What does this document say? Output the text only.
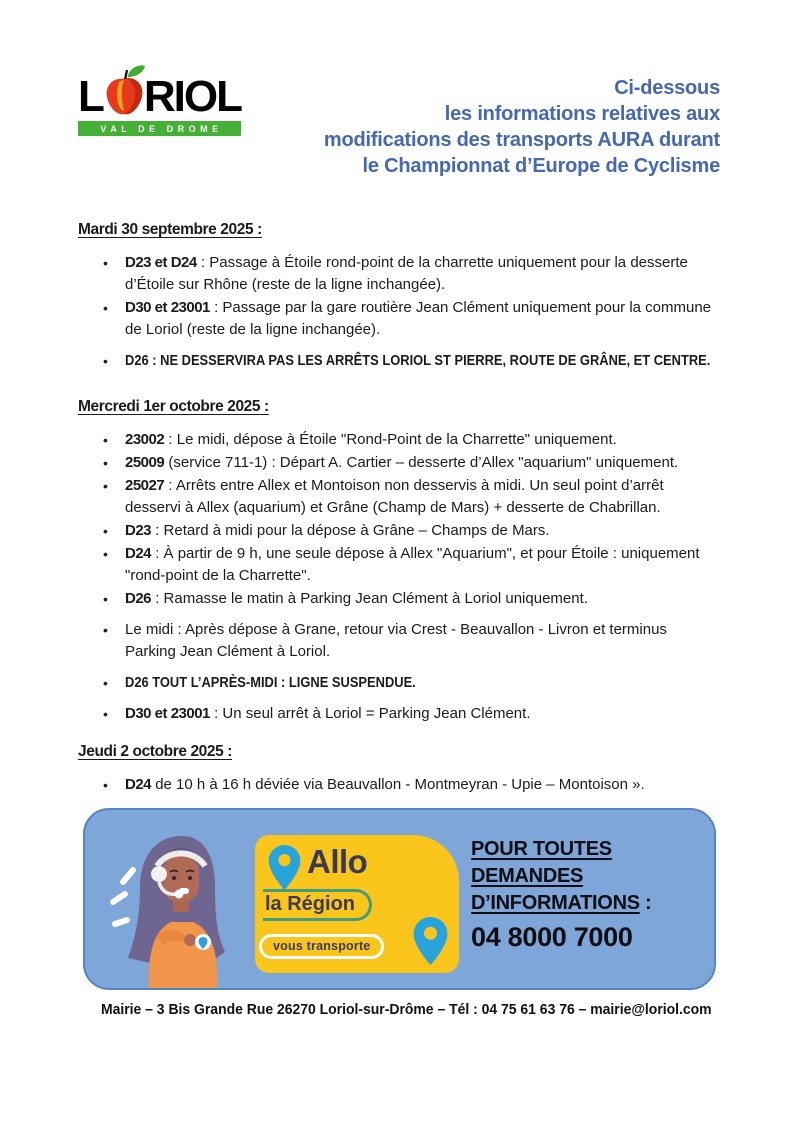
L RIOL
VAL DE DROME
Ci-dessous
les informations relatives aux
modifications des transports AURA durant
le Championnat d’Europe de Cyclisme
Mardi 30 septembre 2025 :
• D23 et D24 : Passage à Étoile rond-point de la charrette uniquement pour la desserte d’Étoile sur Rhône (reste de la ligne inchangée).
• D30 et 23001 : Passage par la gare routière Jean Clément uniquement pour la commune de Loriol (reste de la ligne inchangée).
• D26 : NE DESSERVIRA PAS LES ARRÊTS LORIOL ST PIERRE, ROUTE DE GRÂNE, ET CENTRE.
Mercredi 1er octobre 2025 :
• 23002 : Le midi, dépose à Étoile "Rond-Point de la Charrette" uniquement.
• 25009 (service 711-1) : Départ A. Cartier – desserte d’Allex "aquarium" uniquement.
• 25027 : Arrêts entre Allex et Montoison non desservis à midi. Un seul point d’arrêt desservi à Allex (aquarium) et Grâne (Champ de Mars) + desserte de Chabrillan.
• D23 : Retard à midi pour la dépose à Grâne – Champs de Mars.
• D24 : À partir de 9 h, une seule dépose à Allex "Aquarium", et pour Étoile : uniquement "rond-point de la Charrette".
• D26 : Ramasse le matin à Parking Jean Clément à Loriol uniquement.
• Le midi : Après dépose à Grane, retour via Crest - Beauvallon - Livron et terminus Parking Jean Clément à Loriol.
• D26 TOUT L’APRÈS-MIDI : LIGNE SUSPENDUE.
• D30 et 23001 : Un seul arrêt à Loriol = Parking Jean Clément.
Jeudi 2 octobre 2025 :
• D24 de 10 h à 16 h déviée via Beauvallon - Montmeyran - Upie – Montoison ».
Allo
la Région
vous transporte
POUR TOUTES
DEMANDES
D’INFORMATIONS :
04 8000 7000
Mairie – 3 Bis Grande Rue 26270 Loriol-sur-Drôme – Tél : 04 75 61 63 76 – mairie@loriol.com
